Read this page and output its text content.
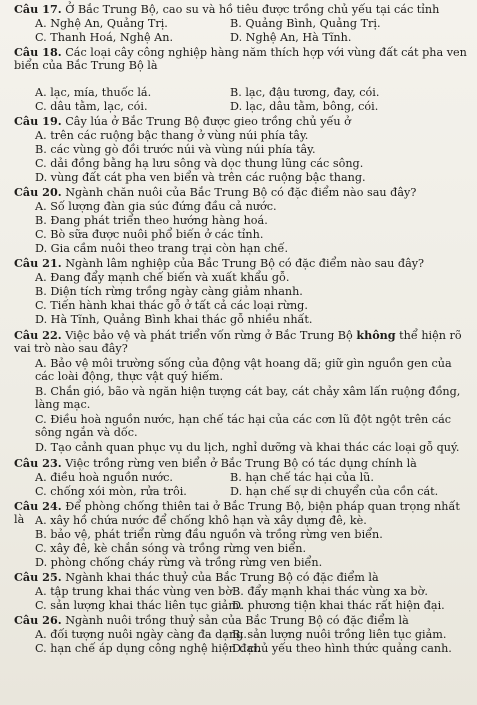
Câu 17. Ở Bắc Trung Bộ, cao su và hồ tiêu được trồng chủ yếu tại các tỉnh
A. Nghệ An, Quảng Trị.	B. Quảng Bình, Quảng Trị.
C. Thanh Hoá, Nghệ An.	D. Nghệ An, Hà Tĩnh.
Câu 18. Các loại cây công nghiệp hàng năm thích hợp với vùng đất cát pha ven biển của Bắc Trung Bộ là
A. lạc, mía, thuốc lá.	B. lạc, đậu tương, đay, cói.
C. dâu tằm, lạc, cói.	D. lạc, dâu tằm, bông, cói.
Câu 19. Cây lúa ở Bắc Trung Bộ được gieo trồng chủ yếu ở
A. trên các ruộng bậc thang ở vùng núi phía tây.
B. các vùng gò đồi trước núi và vùng núi phía tây.
C. dải đồng bằng hạ lưu sông và dọc thung lũng các sông.
D. vùng đất cát pha ven biển và trên các ruộng bậc thang.
Câu 20. Ngành chăn nuôi của Bắc Trung Bộ có đặc điểm nào sau đây?
A. Số lượng đàn gia súc đứng đầu cả nước.
B. Đang phát triển theo hướng hàng hoá.
C. Bò sữa được nuôi phổ biến ở các tỉnh.
D. Gia cầm nuôi theo trang trại còn hạn chế.
Câu 21. Ngành lâm nghiệp của Bắc Trung Bộ có đặc điểm nào sau đây?
A. Đang đẩy mạnh chế biến và xuất khẩu gỗ.
B. Diện tích rừng trồng ngày càng giảm nhanh.
C. Tiến hành khai thác gỗ ở tất cả các loại rừng.
D. Hà Tĩnh, Quảng Bình khai thác gỗ nhiều nhất.
Câu 22. Việc bảo vệ và phát triển vốn rừng ở Bắc Trung Bộ không thể hiện rõ vai trò nào sau đây?
A. Bảo vệ môi trường sống của động vật hoang dã; giữ gìn nguồn gen của các loài động, thực vật quý hiếm.
B. Chắn gió, bão và ngăn hiện tượng cát bay, cát chảy xâm lấn ruộng đồng, làng mạc.
C. Điều hoà nguồn nước, hạn chế tác hại của các cơn lũ đột ngột trên các sông ngắn và dốc.
D. Tạo cảnh quan phục vụ du lịch, nghỉ dưỡng và khai thác các loại gỗ quý.
Câu 23. Việc trồng rừng ven biển ở Bắc Trung Bộ có tác dụng chính là
A. điều hoà nguồn nước.	B. hạn chế tác hại của lũ.
C. chống xói mòn, rửa trôi.	D. hạn chế sự di chuyển của cồn cát.
Câu 24. Để phòng chống thiên tai ở Bắc Trung Bộ, biện pháp quan trọng nhất là A. xây hồ chứa nước để chống khô hạn và xây dựng đê, kè.
B. bảo vệ, phát triển rừng đầu nguồn và trồng rừng ven biển.
C. xây đê, kè chắn sóng và trồng rừng ven biển.
D. phòng chống cháy rừng và trồng rừng ven biển.
Câu 25. Ngành khai thác thuỷ của Bắc Trung Bộ có đặc điểm là
A. tập trung khai thác vùng ven bờ.
B. đẩy mạnh khai thác vùng xa bờ.
C. sản lượng khai thác liên tục giảm.
D. phương tiện khai thác rất hiện đại.
Câu 26. Ngành nuôi trồng thuỷ sản của Bắc Trung Bộ có đặc điểm là
A. đối tượng nuôi ngày càng đa dạng.
B. sản lượng nuôi trồng liên tục giảm.
C. hạn chế áp dụng công nghệ hiện đại.
D. chủ yếu theo hình thức quảng canh.
